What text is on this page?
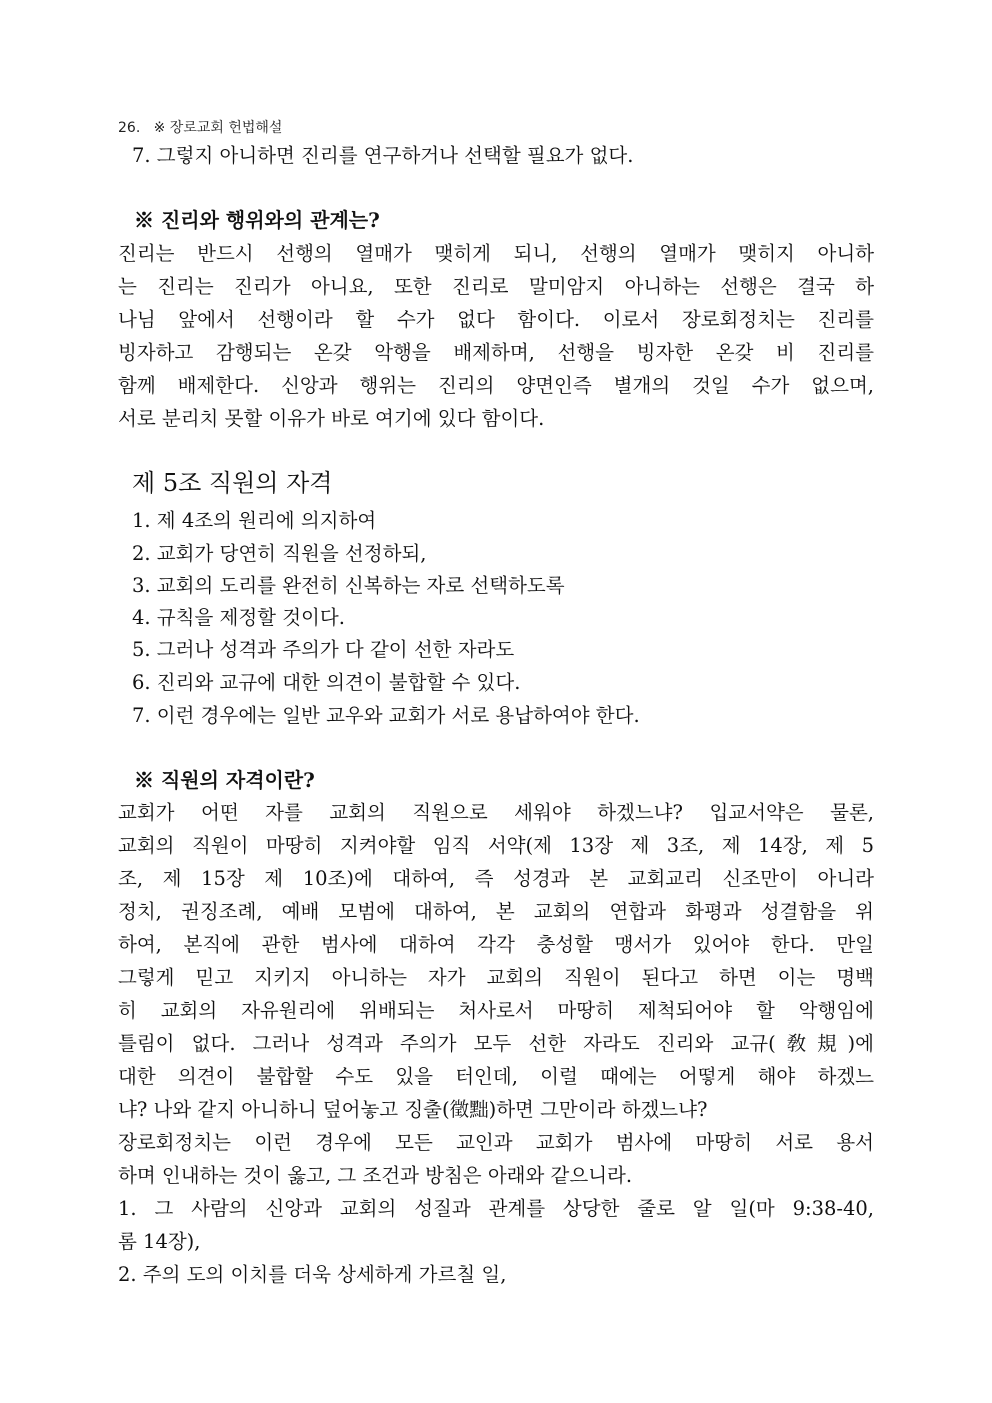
26. ※ 장로교회 헌법해설
7. 그렇지 아니하면 진리를 연구하거나 선택할 필요가 없다.
※ 진리와 행위와의 관계는?
진리는 반드시 선행의 열매가 맺히게 되니, 선행의 열매가 맺히지 아니하
는 진리는 진리가 아니요, 또한 진리로 말미암지 아니하는 선행은 결국 하
나님 앞에서 선행이라 할 수가 없다 함이다. 이로서 장로회정치는 진리를
빙자하고 감행되는 온갖 악행을 배제하며, 선행을 빙자한 온갖 비 진리를
함께 배제한다. 신앙과 행위는 진리의 양면인즉 별개의 것일 수가 없으며,
서로 분리치 못할 이유가 바로 여기에 있다 함이다.
제 5조 직원의 자격
1. 제 4조의 원리에 의지하여
2. 교회가 당연히 직원을 선정하되,
3. 교회의 도리를 완전히 신복하는 자로 선택하도록
4. 규칙을 제정할 것이다.
5. 그러나 성격과 주의가 다 같이 선한 자라도
6. 진리와 교규에 대한 의견이 불합할 수 있다.
7. 이런 경우에는 일반 교우와 교회가 서로 용납하여야 한다.
※ 직원의 자격이란?
교회가 어떤 자를 교회의 직원으로 세워야 하겠느냐? 입교서약은 물론,
교회의 직원이 마땅히 지켜야할 임직 서약(제 13장 제 3조, 제 14장, 제 5
조, 제 15장 제 10조)에 대하여, 즉 성경과 본 교회교리 신조만이 아니라
정치, 권징조례, 예배 모범에 대하여, 본 교회의 연합과 화평과 성결함을 위
하여, 본직에 관한 범사에 대하여 각각 충성할 맹서가 있어야 한다. 만일
그렇게 믿고 지키지 아니하는 자가 교회의 직원이 된다고 하면 이는 명백
히 교회의 자유원리에 위배되는 처사로서 마땅히 제척되어야 할 악행임에
틀림이 없다. 그러나 성격과 주의가 모두 선한 자라도 진리와 교규(敎規)에
대한 의견이 불합할 수도 있을 터인데, 이럴 때에는 어떻게 해야 하겠느
냐? 나와 같지 아니하니 덮어놓고 징출(徵黜)하면 그만이라 하겠느냐?
장로회정치는 이런 경우에 모든 교인과 교회가 범사에 마땅히 서로 용서
하며 인내하는 것이 옳고, 그 조건과 방침은 아래와 같으니라.
1. 그 사람의 신앙과 교회의 성질과 관계를 상당한 줄로 알 일(마 9:38-40,
롬 14장),
2. 주의 도의 이치를 더욱 상세하게 가르칠 일,
